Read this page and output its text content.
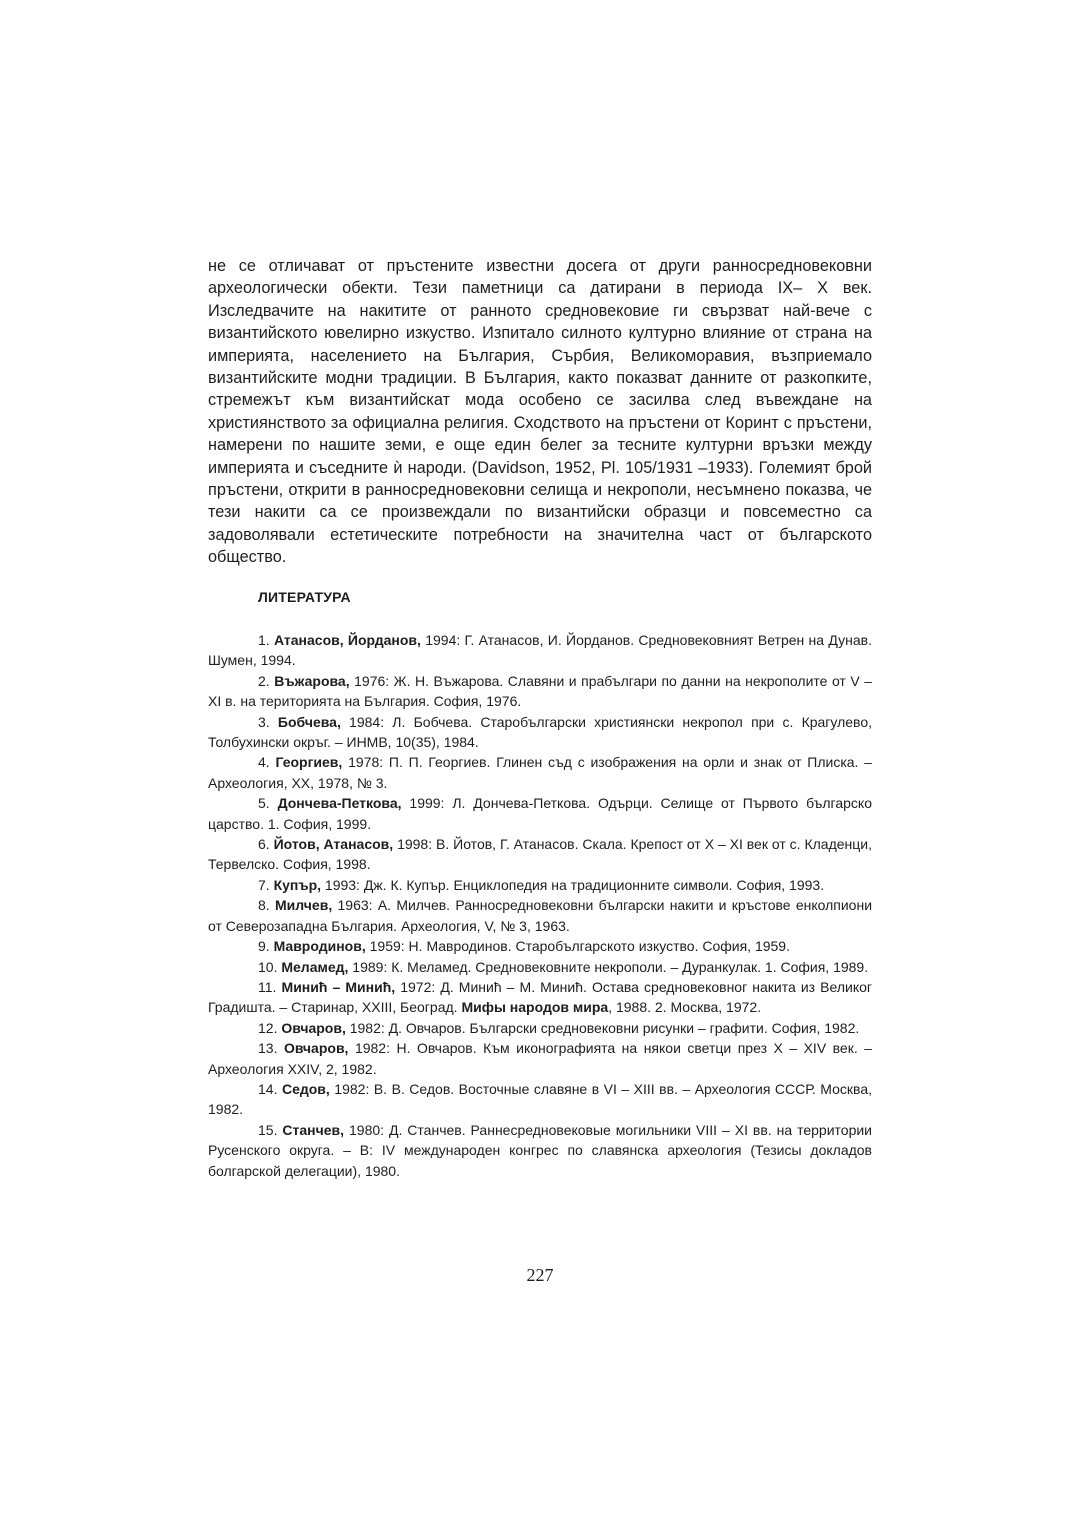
не се отличават от пръстените известни досега от други ранносредновековни археологически обекти. Тези паметници са датирани в периода IX– X век. Изследвачите на накитите от ранното средновековие ги свързват най-вече с византийското ювелирно изкуство. Изпитало силното културно влияние от страна на империята, населението на България, Сърбия, Великоморавия, възприемало византийските модни традиции. В България, както показват данните от разкопките, стремежът към византийскат мода особено се засилва след въвеждане на християнството за официална религия. Сходството на пръстени от Коринт с пръстени, намерени по нашите земи, е още един белег за тесните културни връзки между империята и съседните ѝ народи. (Davidson, 1952, Pl. 105/1931 –1933). Големият брой пръстени, открити в ранносредновековни селища и некрополи, несъмнено показва, че тези накити са се произвеждали по византийски образци и повсеместно са задоволявали естетическите потребности на значителна част от българското общество.

ЛИТЕРАТУРА

1. Атанасов, Йорданов, 1994: Г. Атанасов, И. Йорданов. Средновековният Ветрен на Дунав. Шумен, 1994.

2. Въжарова, 1976: Ж. Н. Въжарова. Славяни и прабългари по данни на некрополите от V – XI в. на територията на България. София, 1976.

3. Бобчева, 1984: Л. Бобчева. Старобългарски християнски некропол при с. Крагулево, Толбухински окръг. – ИНМВ, 10(35), 1984.

4. Георгиев, 1978: П. П. Георгиев. Глинен съд с изображения на орли и знак от Плиска. – Археология, XX, 1978, № 3.

5. Дончева-Петкова, 1999: Л. Дончева-Петкова. Одърци. Селище от Първото българско царство. 1. София, 1999.

6. Йотов, Атанасов, 1998: В. Йотов, Г. Атанасов. Скала. Крепост от X – XI век от с. Кладенци, Тервелско. София, 1998.

7. Купър, 1993: Дж. К. Купър. Енциклопедия на традиционните символи. София, 1993.

8. Милчев, 1963: А. Милчев. Ранносредновековни български накити и кръстове енколпиони от Северозападна България. Археология, V, № 3, 1963.

9. Мавродинов, 1959: Н. Мавродинов. Старобългарското изкуство. София, 1959.

10. Меламед, 1989: К. Меламед. Средновековните некрополи. – Дуранкулак. 1. София, 1989.

11. Минић – Минић, 1972: Д. Минић – М. Минић. Остава средновековног накита из Великог Градишта. – Старинар, XXIII, Београд. Мифы народов мира, 1988. 2. Москва, 1972.

12. Овчаров, 1982: Д. Овчаров. Български средновековни рисунки – графити. София, 1982.

13. Овчаров, 1982: Н. Овчаров. Към иконографията на някои светци през X – XIV век. – Археология XXIV, 2, 1982.

14. Седов, 1982: В. В. Седов. Восточные славяне в VI – XIII вв. – Археология СССР. Москва, 1982.

15. Станчев, 1980: Д. Станчев. Раннесредновековые могильники VIII – XI вв. на территории Русенского округа. – В: IV международен конгрес по славянска археология (Тезисы докладов болгарской делегации), 1980.

227
